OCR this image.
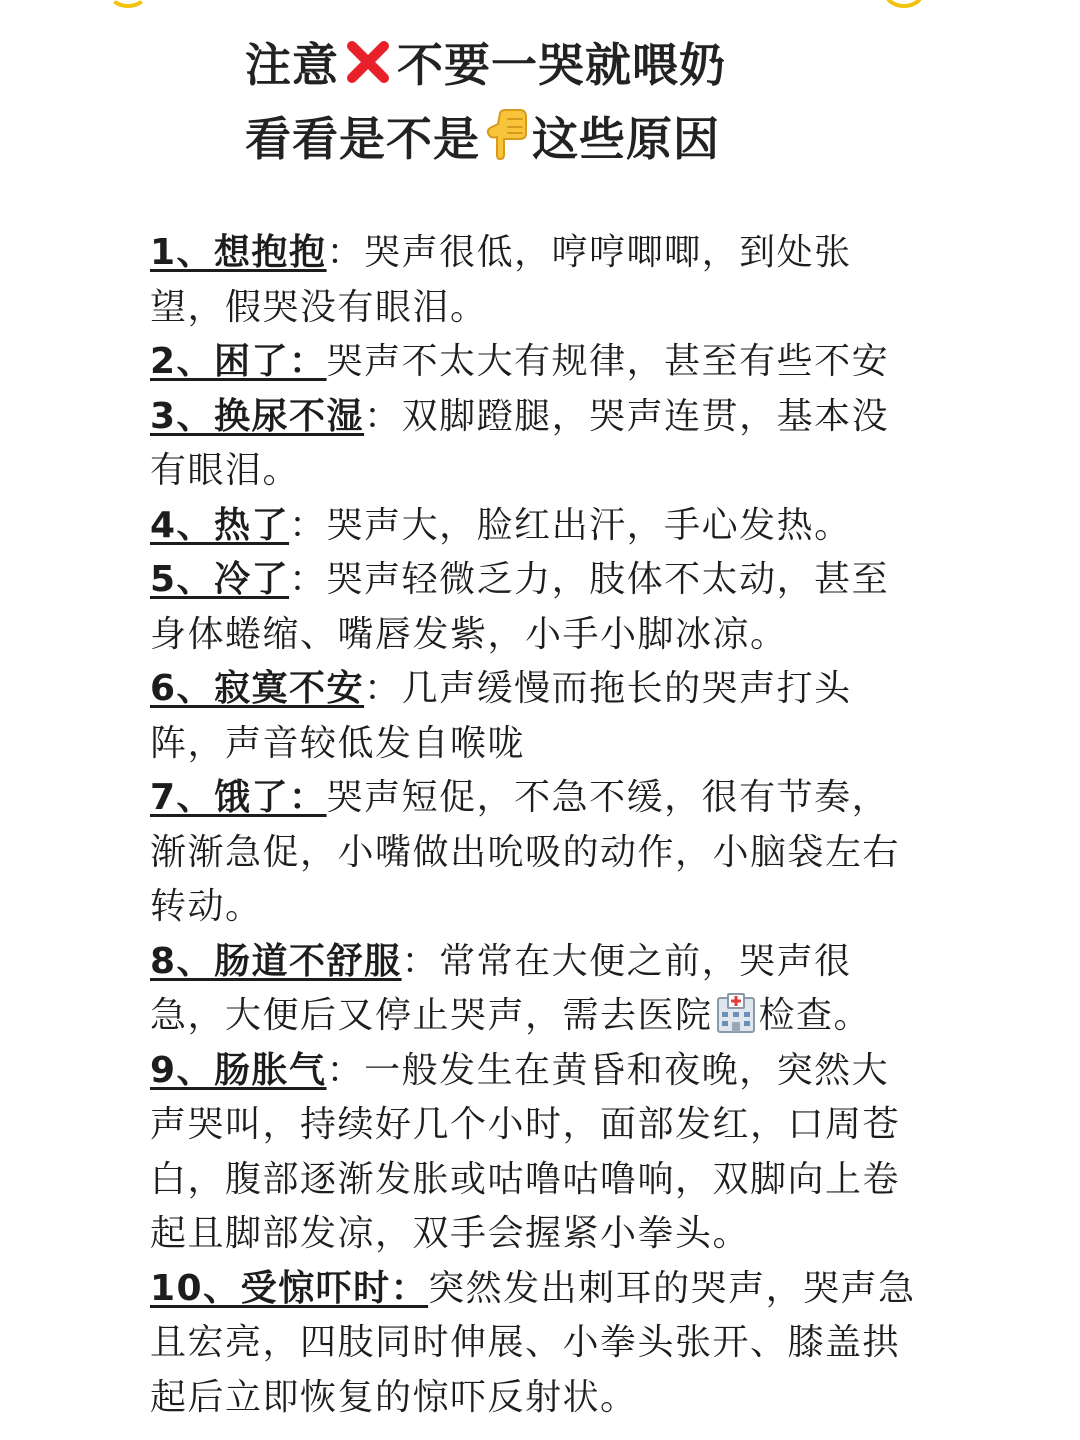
注意 不要一哭就喂奶
看看是不是 这些原因
1、想抱抱：哭声很低，哼哼唧唧，到处张望，假哭没有眼泪。
2、困了：哭声不太大有规律，甚至有些不安
3、换尿不湿：双脚蹬腿，哭声连贯，基本没有眼泪。
4、热了：哭声大，脸红出汗，手心发热。
5、冷了：哭声轻微乏力，肢体不太动，甚至身体蜷缩、嘴唇发紫，小手小脚冰凉。
6、寂寞不安：几声缓慢而拖长的哭声打头阵，声音较低发自喉咙
7、饿了：哭声短促，不急不缓，很有节奏，渐渐急促，小嘴做出吮吸的动作，小脑袋左右转动。
8、肠道不舒服：常常在大便之前，哭声很急，大便后又停止哭声，需去医院 检查。
9、肠胀气：一般发生在黄昏和夜晚，突然大声哭叫，持续好几个小时，面部发红，口周苍白，腹部逐渐发胀或咕噜咕噜响，双脚向上卷起且脚部发凉，双手会握紧小拳头。
10、受惊吓时：突然发出刺耳的哭声，哭声急且宏亮，四肢同时伸展、小拳头张开、膝盖拱起后立即恢复的惊吓反射状。
